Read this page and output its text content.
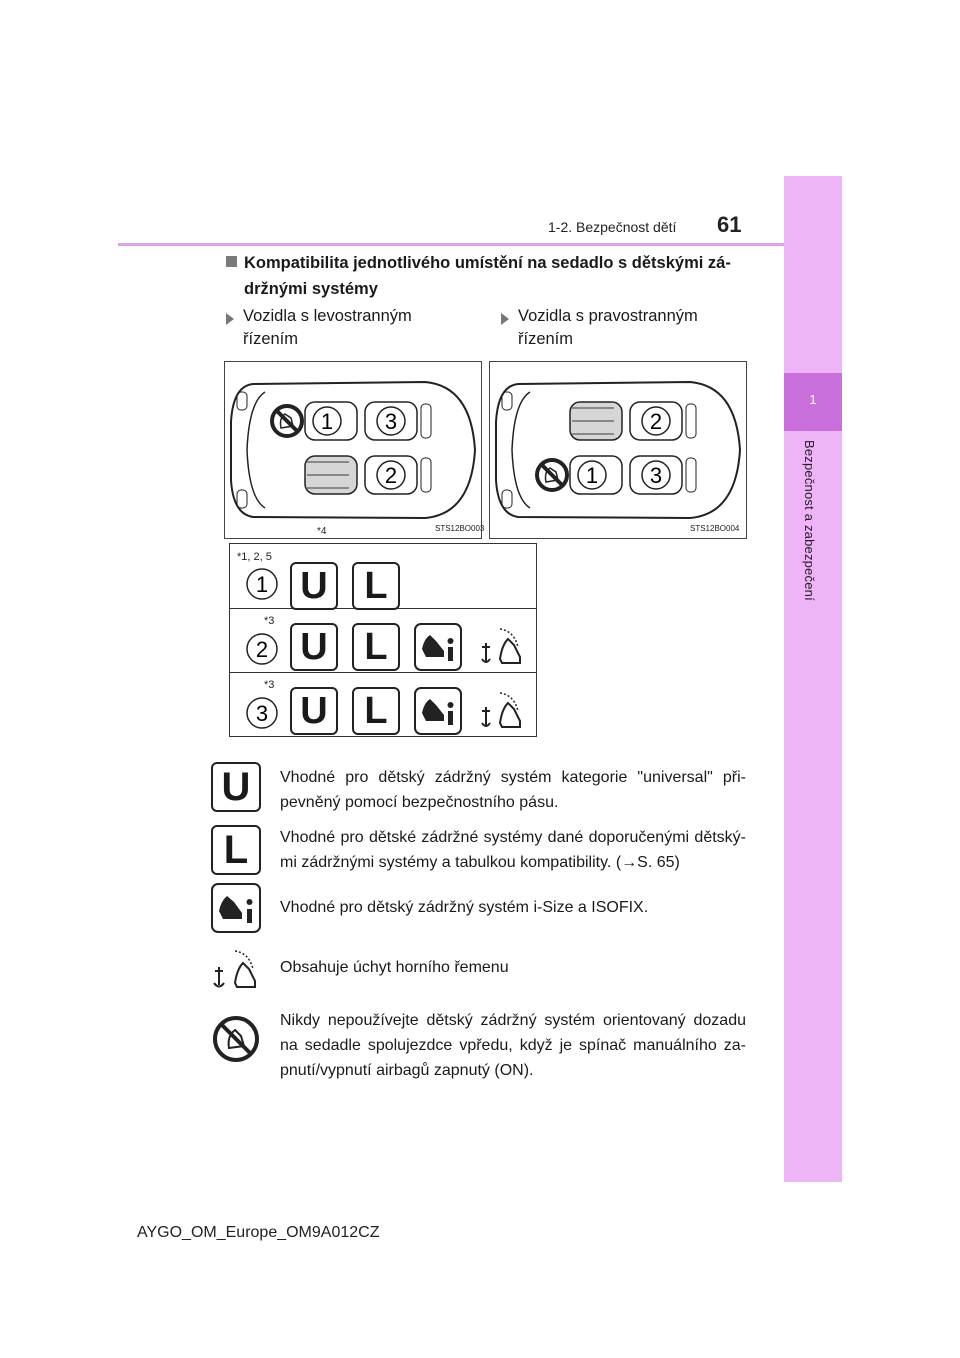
1-2. Bezpečnost dětí 61
1
Bezpečnost a zabezpečení
Kompatibilita jednotlivého umístění na sedadlo s dětskými zá- držnými systémy
Vozidla s levostranným řízením
Vozidla s pravostranným řízením
1 3
2
STS12BO003
*4
2
1 3
STS12BO004
*1, 2, 5
1 U L
*3
2 U L
*3
3 U L
U	Vhodné pro dětský zádržný systém kategorie "universal" při- pevněný pomocí bezpečnostního pásu.
L	Vhodné pro dětské zádržné systémy dané doporučenými dětský- mi zádržnými systémy a tabulkou kompatibility. (→S. 65)
Vhodné pro dětský zádržný systém i-Size a ISOFIX.
Obsahuje úchyt horního řemenu
Nikdy nepoužívejte dětský zádržný systém orientovaný dozadu na sedadle spolujezdce vpředu, když je spínač manuálního za- pnutí/vypnutí airbagů zapnutý (ON).
AYGO_OM_Europe_OM9A012CZ
